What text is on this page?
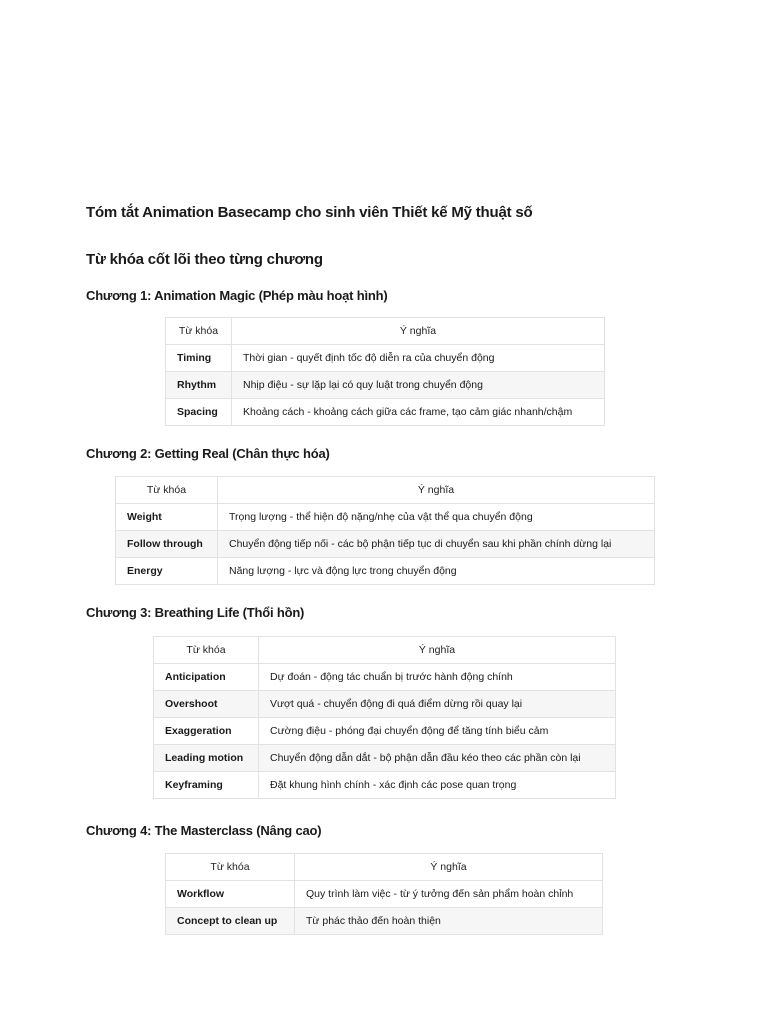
Tóm tắt Animation Basecamp cho sinh viên Thiết kế Mỹ thuật số
Từ khóa cốt lõi theo từng chương
Chương 1: Animation Magic (Phép màu hoạt hình)
Từ khóa	Ý nghĩa
Timing	Thời gian - quyết định tốc độ diễn ra của chuyển động
Rhythm	Nhịp điệu - sự lặp lại có quy luật trong chuyển động
Spacing	Khoảng cách - khoảng cách giữa các frame, tạo cảm giác nhanh/chậm
Chương 2: Getting Real (Chân thực hóa)
Từ khóa	Ý nghĩa
Weight	Trọng lượng - thể hiện độ nặng/nhẹ của vật thể qua chuyển động
Follow through	Chuyển động tiếp nối - các bộ phận tiếp tục di chuyển sau khi phần chính dừng lại
Energy	Năng lượng - lực và động lực trong chuyển động
Chương 3: Breathing Life (Thổi hồn)
Từ khóa	Ý nghĩa
Anticipation	Dự đoán - động tác chuẩn bị trước hành động chính
Overshoot	Vượt quá - chuyển động đi quá điểm dừng rồi quay lại
Exaggeration	Cường điệu - phóng đại chuyển động để tăng tính biểu cảm
Leading motion	Chuyển động dẫn dắt - bộ phận dẫn đầu kéo theo các phần còn lại
Keyframing	Đặt khung hình chính - xác định các pose quan trọng
Chương 4: The Masterclass (Nâng cao)
Từ khóa	Ý nghĩa
Workflow	Quy trình làm việc - từ ý tưởng đến sản phẩm hoàn chỉnh
Concept to clean up	Từ phác thảo đến hoàn thiện
